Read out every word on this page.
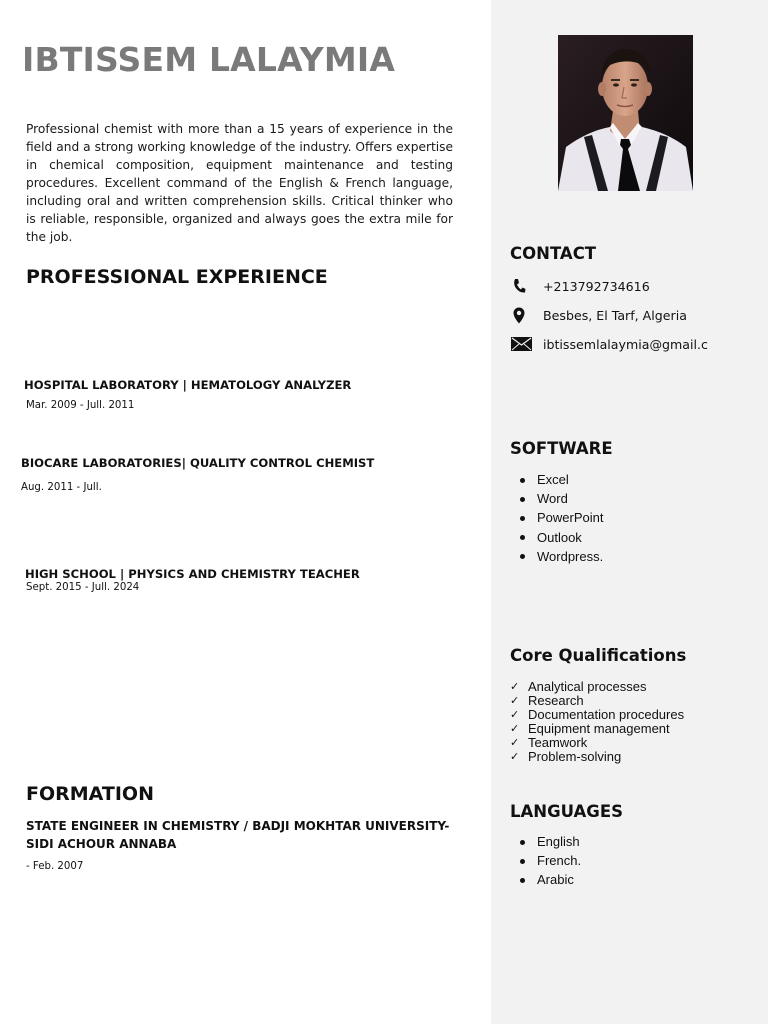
IBTISSEM LALAYMIA

Professional chemist with more than a 15 years of experience in the field and a strong working knowledge of the industry. Offers expertise in chemical composition, equipment maintenance and testing procedures. Excellent command of the English & French language, including oral and written comprehension skills. Critical thinker who is reliable, responsible, organized and always goes the extra mile for the job.

PROFESSIONAL EXPERIENCE
HOSPITAL LABORATORY | HEMATOLOGY ANALYZER
Mar. 2009 - Jull. 2011
BIOCARE LABORATORIES| QUALITY CONTROL CHEMIST
Aug. 2011 - Jull.
HIGH SCHOOL | PHYSICS AND CHEMISTRY TEACHER
Sept. 2015 - Jull. 2024
FORMATION
STATE ENGINEER IN CHEMISTRY / BADJI MOKHTAR UNIVERSITY- SIDI ACHOUR ANNABA
- Feb. 2007
CONTACT
+213792734616
Besbes, El Tarf, Algeria
ibtissemlalaymia@gmail.c
SOFTWARE
Excel
Word
PowerPoint
Outlook
Wordpress.
Core Qualifications
✓ Analytical processes
✓ Research
✓ Documentation procedures
✓ Equipment management
✓ Teamwork
✓ Problem-solving
LANGUAGES
English
French.
Arabic
